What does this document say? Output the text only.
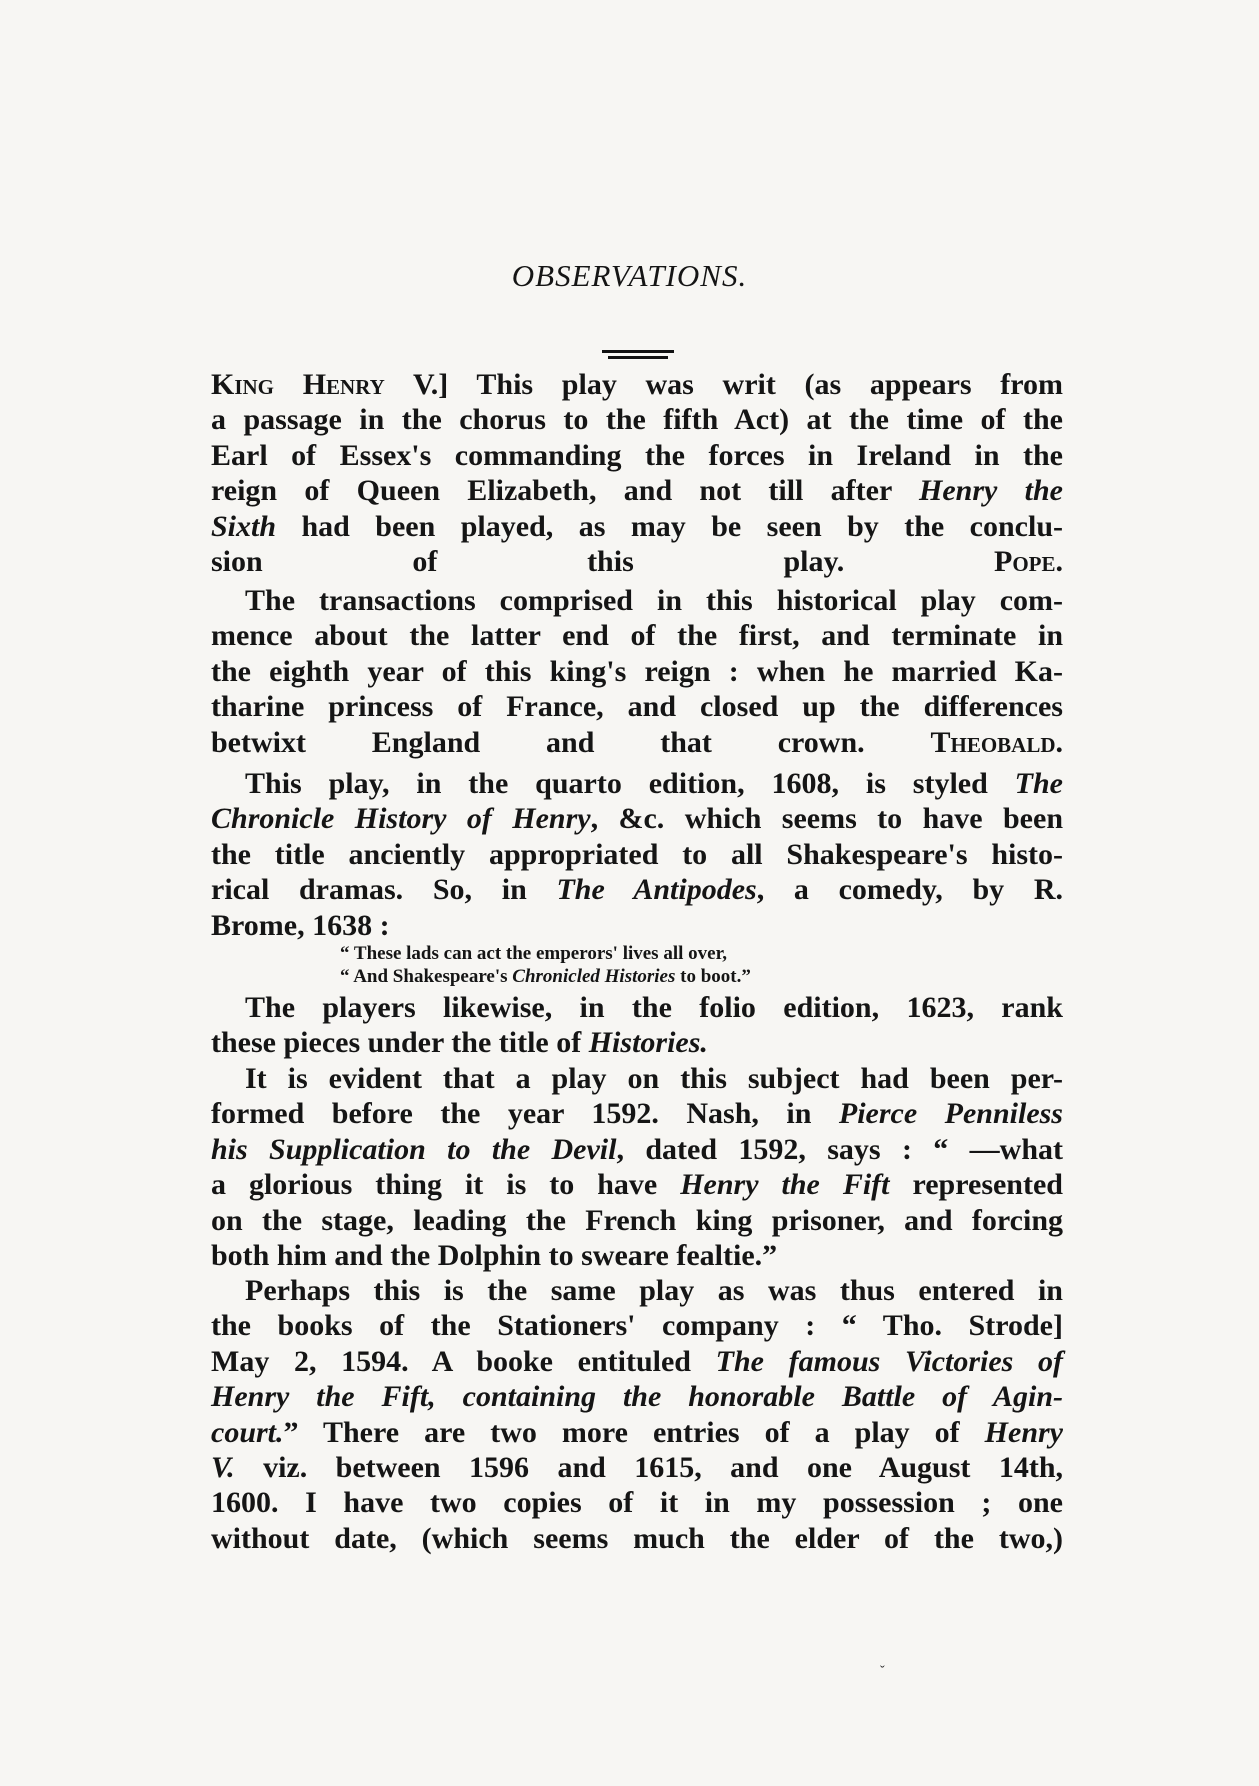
OBSERVATIONS.
King Henry V.] This play was writ (as appears from
a passage in the chorus to the fifth Act) at the time of the
Earl of Essex's commanding the forces in Ireland in the
reign of Queen Elizabeth, and not till after Henry the
Sixth had been played, as may be seen by the conclu-
sion of this play.	Pope.
The transactions comprised in this historical play com-
mence about the latter end of the first, and terminate in
the eighth year of this king's reign : when he married Ka-
tharine princess of France, and closed up the differences
betwixt England and that crown. Theobald.
This play, in the quarto edition, 1608, is styled The
Chronicle History of Henry, &c. which seems to have been
the title anciently appropriated to all Shakespeare's histo-
rical dramas. So, in The Antipodes, a comedy, by R.
Brome, 1638 :
“ These lads can act the emperors' lives all over,
“ And Shakespeare's Chronicled Histories to boot.”
The players likewise, in the folio edition, 1623, rank
these pieces under the title of Histories.
It is evident that a play on this subject had been per-
formed before the year 1592. Nash, in Pierce Penniless
his Supplication to the Devil, dated 1592, says : “ —what
a glorious thing it is to have Henry the Fift represented
on the stage, leading the French king prisoner, and forcing
both him and the Dolphin to sweare fealtie.”
Perhaps this is the same play as was thus entered in
the books of the Stationers' company : “ Tho. Strode]
May 2, 1594. A booke entituled The famous Victories of
Henry the Fift, containing the honorable Battle of Agin-
court.” There are two more entries of a play of Henry
V. viz. between 1596 and 1615, and one August 14th,
1600. I have two copies of it in my possession ; one
without date, (which seems much the elder of the two,)
ˇ
